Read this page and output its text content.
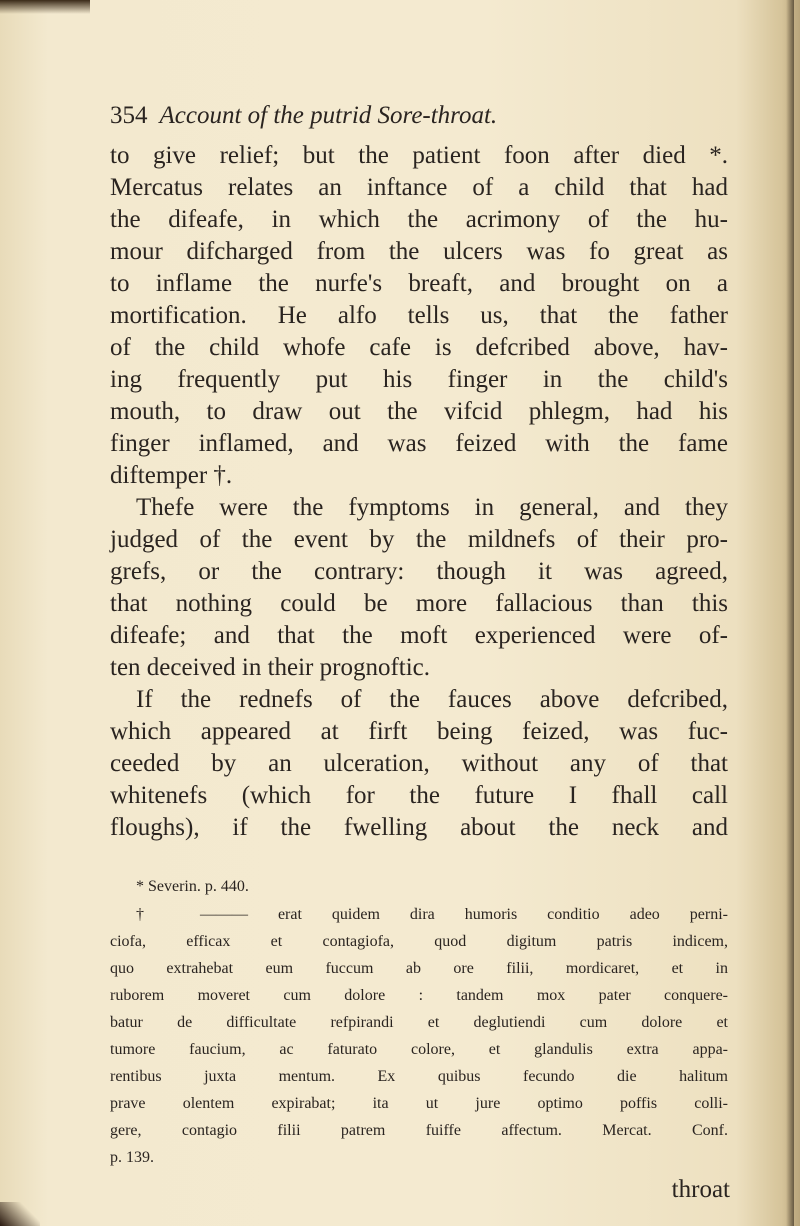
354 Account of the putrid Sore-throat.
to give relief; but the patient foon after died *.
Mercatus relates an inftance of a child that had
the difeafe, in which the acrimony of the hu-
mour difcharged from the ulcers was fo great as
to inflame the nurfe's breaft, and brought on a
mortification. He alfo tells us, that the father
of the child whofe cafe is defcribed above, hav-
ing frequently put his finger in the child's
mouth, to draw out the vifcid phlegm, had his
finger inflamed, and was feized with the fame
diftemper †.
Thefe were the fymptoms in general, and they
judged of the event by the mildnefs of their pro-
grefs, or the contrary: though it was agreed,
that nothing could be more fallacious than this
difeafe; and that the moft experienced were of-
ten deceived in their prognoftic.
If the rednefs of the fauces above defcribed,
which appeared at firft being feized, was fuc-
ceeded by an ulceration, without any of that
whitenefs (which for the future I fhall call
floughs), if the fwelling about the neck and
* Severin. p. 440.
† ——— erat quidem dira humoris conditio adeo perni-
ciofa, efficax et contagiofa, quod digitum patris indicem,
quo extrahebat eum fuccum ab ore filii, mordicaret, et in
ruborem moveret cum dolore : tandem mox pater conquere-
batur de difficultate refpirandi et deglutiendi cum dolore et
tumore faucium, ac faturato colore, et glandulis extra appa-
rentibus juxta mentum. Ex quibus fecundo die halitum
prave olentem expirabat; ita ut jure optimo poffis colli-
gere, contagio filii patrem fuiffe affectum. Mercat. Conf.
p. 139.
throat
